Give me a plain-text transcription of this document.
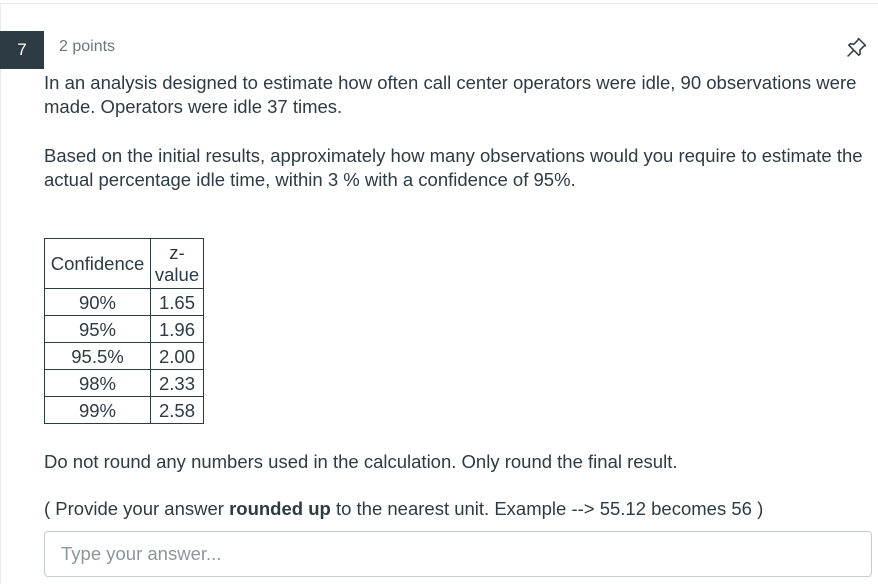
7	2 points

In an analysis designed to estimate how often call center operators were idle, 90 observations were made. Operators were idle 37 times.

Based on the initial results, approximately how many observations would you require to estimate the actual percentage idle time, within 3 % with a confidence of 95%.

Confidence	z-value
90%	1.65
95%	1.96
95.5%	2.00
98%	2.33
99%	2.58
Do not round any numbers used in the calculation. Only round the final result.
( Provide your answer rounded up to the nearest unit. Example --> 55.12 becomes 56 )
Type your answer...
